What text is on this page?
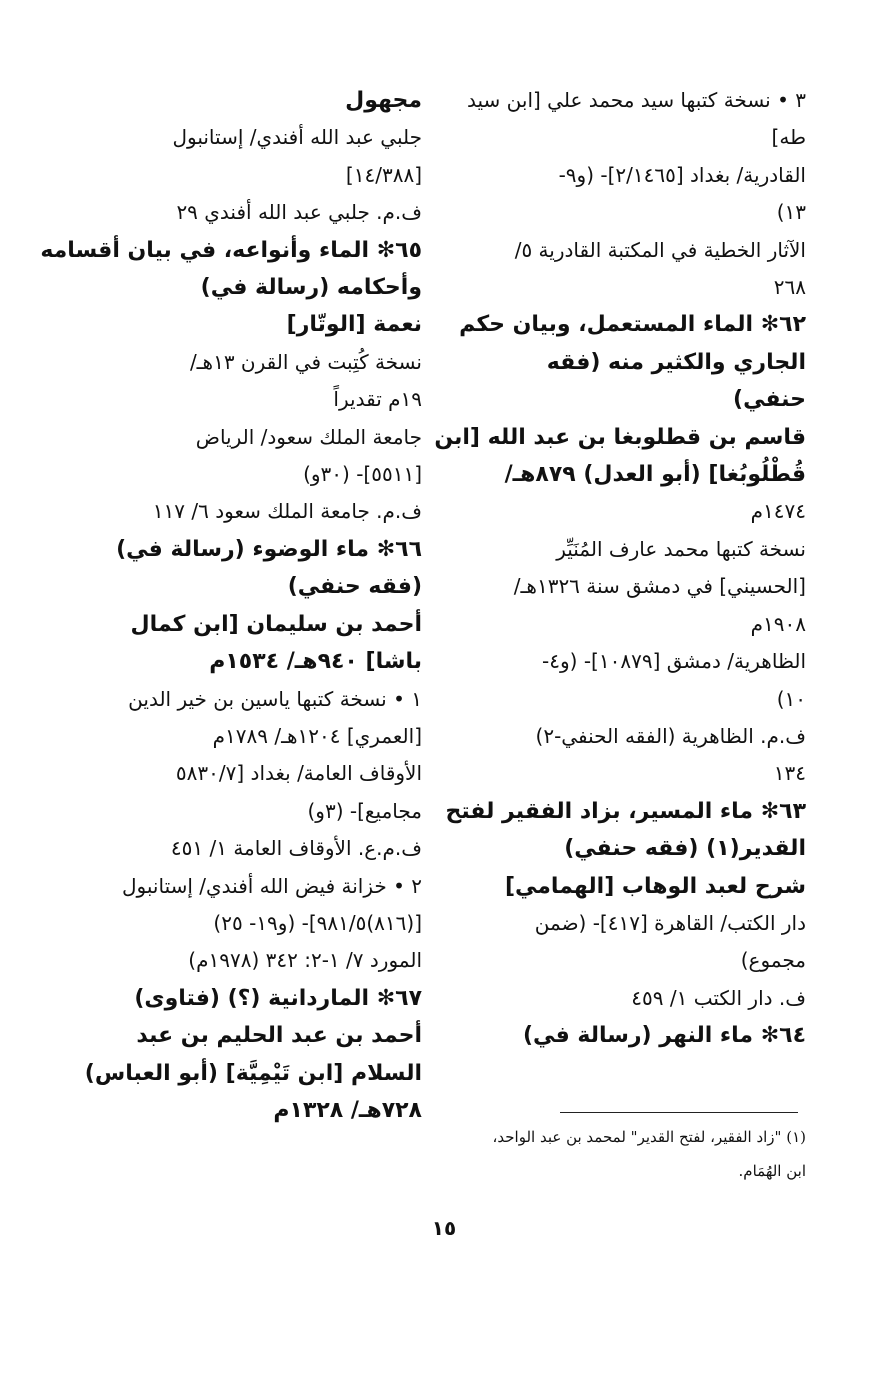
٣ • نسخة كتبها سيد محمد علي [ابن سيد

طه]

القادرية/ بغداد [٢/١٤٦٥]- (و٩-

١٣)

الآثار الخطية في المكتبة القادرية ٥/

٢٦٨

٦٢✻ الماء المستعمل، وبيان حكم

الجاري والكثير منه (فقه

حنفي)

قاسم بن قطلوبغا بن عبد الله [ابن

قُطْلُوبُغا] (أبو العدل) ٨٧٩هـ/

١٤٧٤م

نسخة كتبها محمد عارف المُنَيِّر

[الحسيني] في دمشق سنة ١٣٢٦هـ/

١٩٠٨م

الظاهرية/ دمشق [١٠٨٧٩]- (و٤-

١٠)

ف.م. الظاهرية (الفقه الحنفي-٢)

١٣٤

٦٣✻ ماء المسير، بزاد الفقير لفتح

القدير(١) (فقه حنفي)

شرح لعبد الوهاب [الهمامي]

دار الكتب/ القاهرة [٤١٧]- (ضمن

مجموع)

ف. دار الكتب ١/ ٤٥٩

٦٤✻ ماء النهر (رسالة في)

مجهول

جلبي عبد الله أفندي/ إستانبول

[١٤/٣٨٨]

ف.م. جلبي عبد الله أفندي ٢٩

٦٥✻ الماء وأنواعه، في بيان أقسامه

وأحكامه (رسالة في)

نعمة [الوتّار]

نسخة كُتِبت في القرن ١٣هـ/

١٩م تقديراً

جامعة الملك سعود/ الرياض

[٥٥١١]- (٣٠و)

ف.م. جامعة الملك سعود ٦/ ١١٧

٦٦✻ ماء الوضوء (رسالة في)

(فقه حنفي)

أحمد بن سليمان [ابن كمال

باشا] ٩٤٠هـ/ ١٥٣٤م

١ • نسخة كتبها ياسين بن خير الدين

[العمري] ١٢٠٤هـ/ ١٧٨٩م

الأوقاف العامة/ بغداد [٥٨٣٠/٧

مجاميع]- (٣و)

ف.م.ع. الأوقاف العامة ١/ ٤٥١

٢ • خزانة فيض الله أفندي/ إستانبول

[(٨١٦)٩٨١/٥]- (و١٩- ٢٥)

المورد ٧/ ١-٢: ٣٤٢ (١٩٧٨م)

٦٧✻ المارداني‍ة (؟) (فتاوى)

أحمد بن عبد الحليم بن عبد

السلام [ابن تَيْمِيَّة] (أبو العباس)

٧٢٨هـ/ ١٣٢٨م

(١) "زاد الفقير، لفتح القدير" لمحمد بن عبد الواحد،

ابن الهُمَام.

١٥
